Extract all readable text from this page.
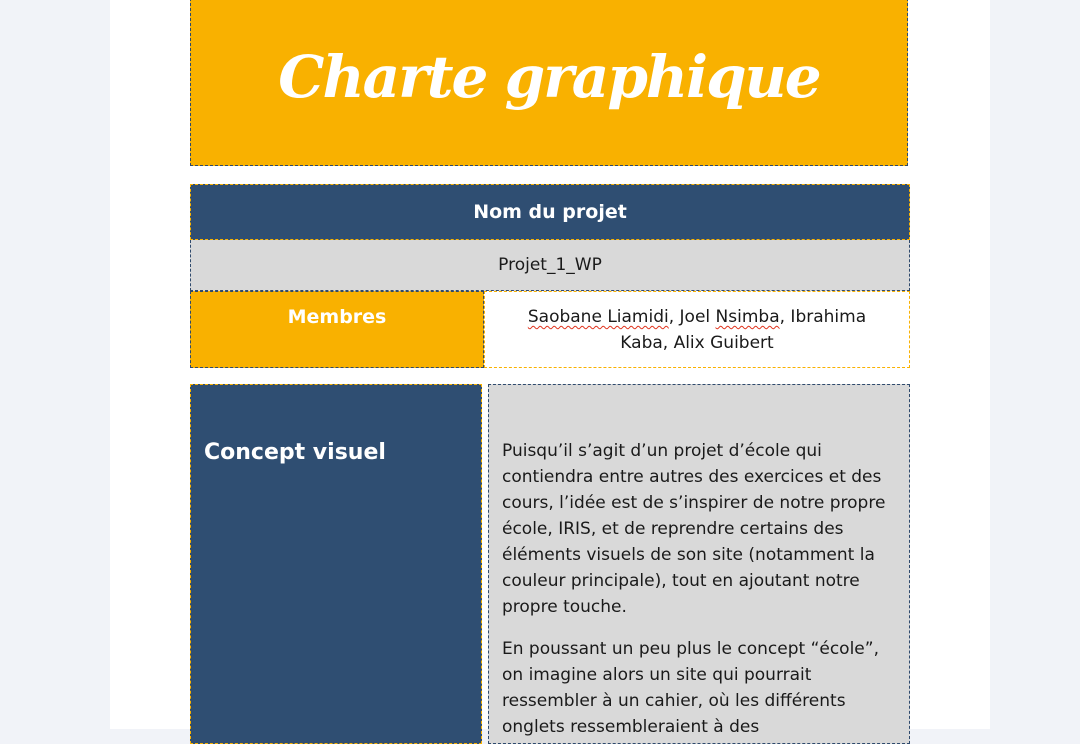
Charte graphique
Nom du projet
Projet_1_WP
Membres	Saobane Liamidi, Joel Nsimba, Ibrahima Kaba, Alix Guibert
Concept visuel	Puisqu’il s’agit d’un projet d’école qui contiendra entre autres des exercices et des cours, l’idée est de s’inspirer de notre propre école, IRIS, et de reprendre certains des éléments visuels de son site (notamment la couleur principale), tout en ajoutant notre propre touche.

En poussant un peu plus le concept “école”, on imagine alors un site qui pourrait ressembler à un cahier, où les différents onglets ressembleraient à des
